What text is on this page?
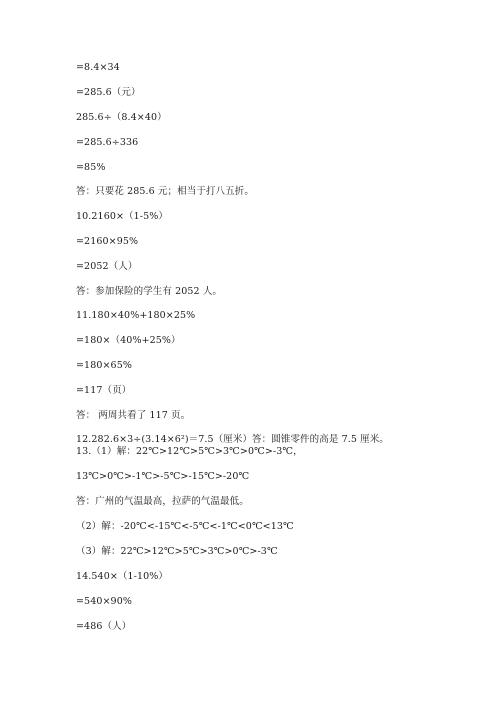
=8.4×34
=285.6（元）
285.6÷（8.4×40）
=285.6÷336
=85%
答：只要花 285.6 元；相当于打八五折。
10.2160×（1-5%）
=2160×95%
=2052（人）
答：参加保险的学生有 2052 人。
11.180×40%+180×25%
=180×（40%+25%）
=180×65%
=117（页）
答： 两周共看了 117 页。
12.282.6×3÷(3.14×6²)＝7.5（厘米）答：圆锥零件的高是 7.5 厘米。
13.（1）解：22℃>12℃>5℃>3℃>0℃>-3℃，
13℃>0℃>-1℃>-5℃>-15℃>-20℃
答：广州的气温最高，拉萨的气温最低。
（2）解：-20℃<-15℃<-5℃<-1℃<0℃<13℃
（3）解：22℃>12℃>5℃>3℃>0℃>-3℃
14.540×（1-10%）
=540×90%
=486（人）
